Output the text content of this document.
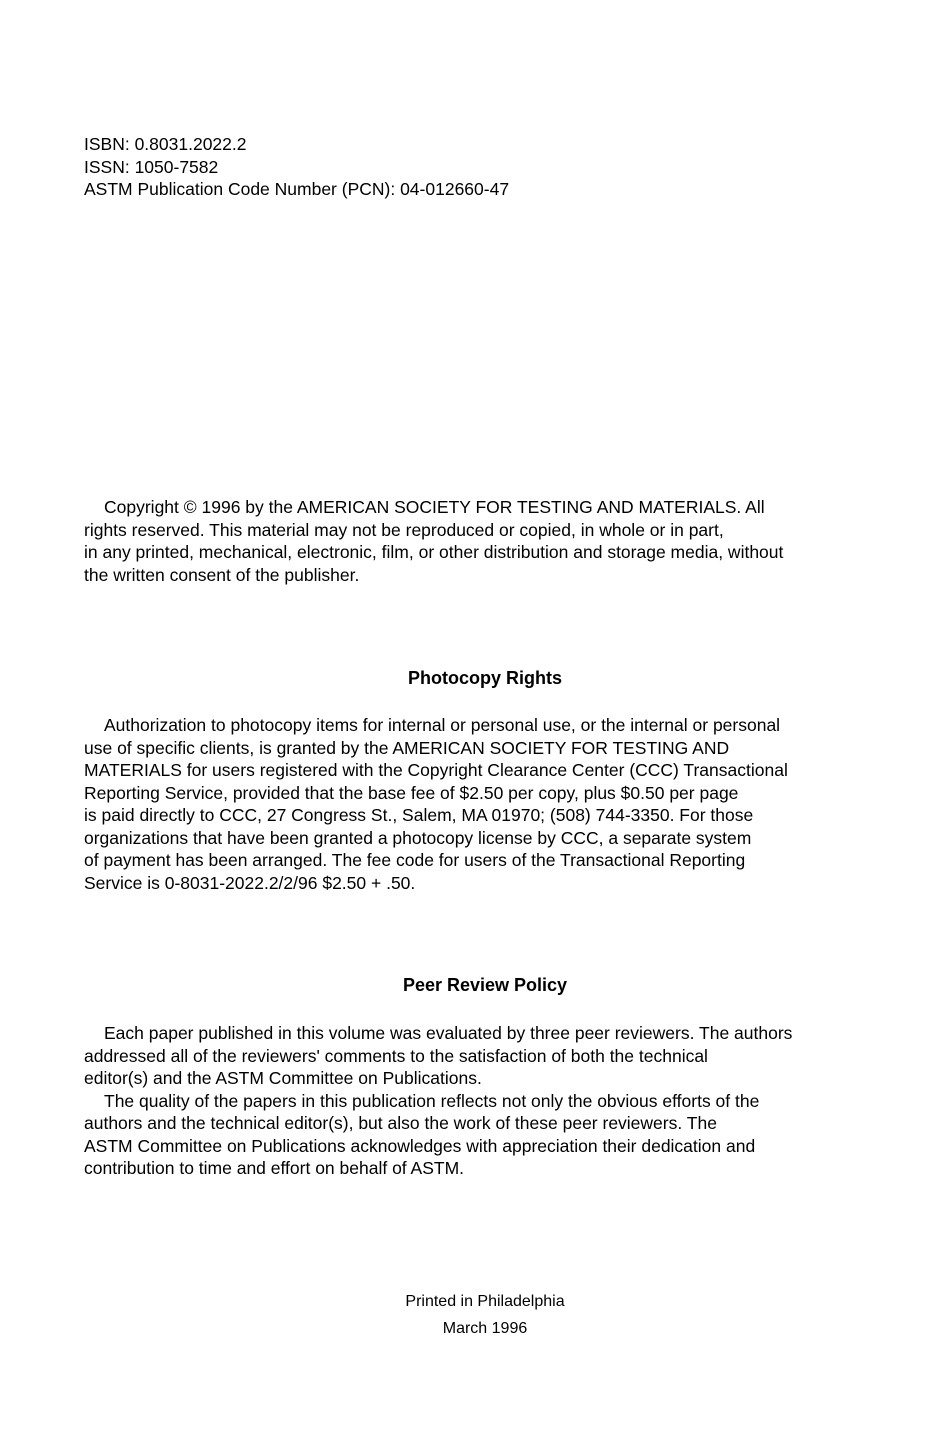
ISBN: 0.8031.2022.2
ISSN: 1050-7582
ASTM Publication Code Number (PCN): 04-012660-47
Copyright © 1996 by the AMERICAN SOCIETY FOR TESTING AND MATERIALS. All
rights reserved. This material may not be reproduced or copied, in whole or in part,
in any printed, mechanical, electronic, film, or other distribution and storage media, without
the written consent of the publisher.
Photocopy Rights
Authorization to photocopy items for internal or personal use, or the internal or personal
use of specific clients, is granted by the AMERICAN SOCIETY FOR TESTING AND
MATERIALS for users registered with the Copyright Clearance Center (CCC) Transactional
Reporting Service, provided that the base fee of $2.50 per copy, plus $0.50 per page
is paid directly to CCC, 27 Congress St., Salem, MA 01970; (508) 744-3350. For those
organizations that have been granted a photocopy license by CCC, a separate system
of payment has been arranged. The fee code for users of the Transactional Reporting
Service is 0-8031-2022.2/2/96 $2.50 + .50.
Peer Review Policy
Each paper published in this volume was evaluated by three peer reviewers. The authors
addressed all of the reviewers' comments to the satisfaction of both the technical
editor(s) and the ASTM Committee on Publications.
The quality of the papers in this publication reflects not only the obvious efforts of the
authors and the technical editor(s), but also the work of these peer reviewers. The
ASTM Committee on Publications acknowledges with appreciation their dedication and
contribution to time and effort on behalf of ASTM.
Printed in Philadelphia
March 1996
